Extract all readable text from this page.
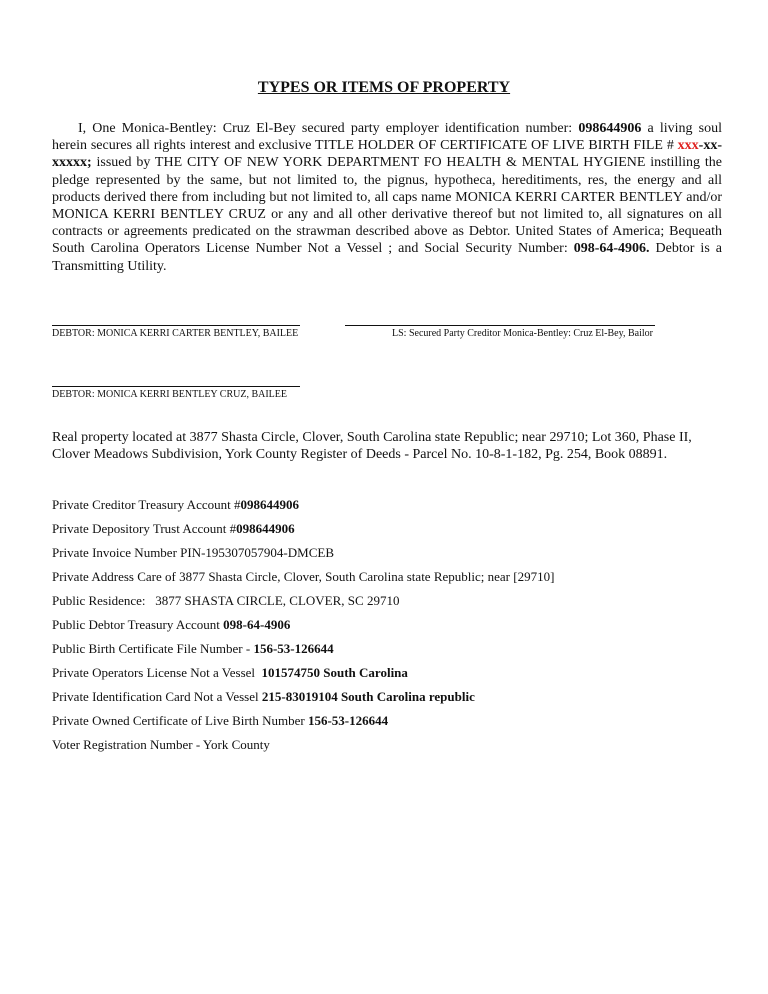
TYPES OR ITEMS OF PROPERTY
I, One Monica-Bentley: Cruz El-Bey secured party employer identification number: 098644906 a living soul herein secures all rights interest and exclusive TITLE HOLDER OF CERTIFICATE OF LIVE BIRTH FILE # xxx-xx-xxxxx; issued by THE CITY OF NEW YORK DEPARTMENT FO HEALTH & MENTAL HYGIENE instilling the pledge represented by the same, but not limited to, the pignus, hypotheca, hereditiments, res, the energy and all products derived there from including but not limited to, all caps name MONICA KERRI CARTER BENTLEY and/or MONICA KERRI BENTLEY CRUZ or any and all other derivative thereof but not limited to, all signatures on all contracts or agreements predicated on the strawman described above as Debtor. United States of America; Bequeath South Carolina Operators License Number Not a Vessel ; and Social Security Number: 098-64-4906. Debtor is a Transmitting Utility.
DEBTOR: MONICA KERRI CARTER BENTLEY, BAILEE	LS: Secured Party Creditor Monica-Bentley: Cruz El-Bey, Bailor
DEBTOR: MONICA KERRI BENTLEY CRUZ, BAILEE
Real property located at 3877 Shasta Circle, Clover, South Carolina state Republic; near 29710; Lot 360, Phase II, Clover Meadows Subdivision, York County Register of Deeds - Parcel No. 10-8-1-182, Pg. 254, Book 08891.
Private Creditor Treasury Account #098644906
Private Depository Trust Account #098644906
Private Invoice Number PIN-195307057904-DMCEB
Private Address Care of 3877 Shasta Circle, Clover, South Carolina state Republic; near [29710]
Public Residence:   3877 SHASTA CIRCLE, CLOVER, SC 29710
Public Debtor Treasury Account 098-64-4906
Public Birth Certificate File Number - 156-53-126644
Private Operators License Not a Vessel  101574750 South Carolina
Private Identification Card Not a Vessel 215-83019104 South Carolina republic
Private Owned Certificate of Live Birth Number 156-53-126644
Voter Registration Number - York County
